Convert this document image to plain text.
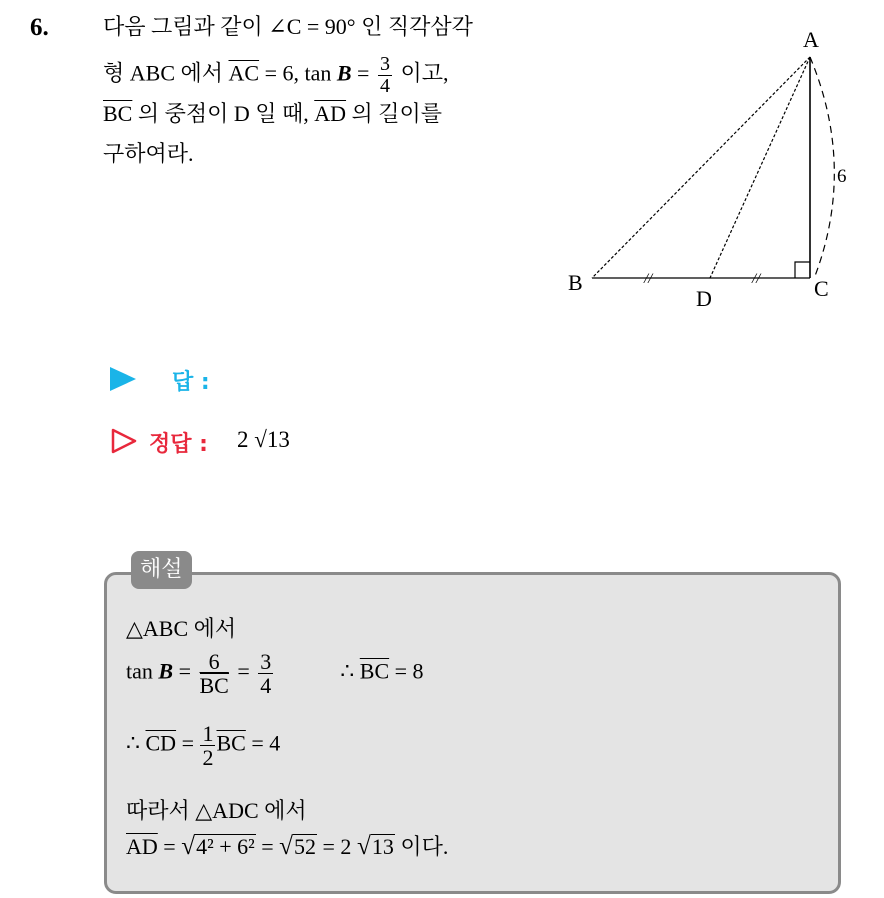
6. 다음 그림과 같이 ∠C = 90° 인 직각삼각
형 ABC 에서 $\overline{AC} = 6$, $\tan B = \frac{3}{4}$ 이고,
$\overline{BC}$ 의 중점이 D 일 때, $\overline{AD}$ 의 길이를
구하여라.
A
B	C
D
6
//	//
답 :
정답 : 2 √13
해설
△ABC 에서
$\tan B = \frac{6}{BC} = \frac{3}{4}$	∴ $\overline{BC} = 8$
∴ $\overline{CD} = \frac{1}{2} \overline{BC} = 4$
따라서 △ADC 에서
$\overline{AD}$ = √ 4² + 6² = √ 52 = 2 √ 13 이다.
